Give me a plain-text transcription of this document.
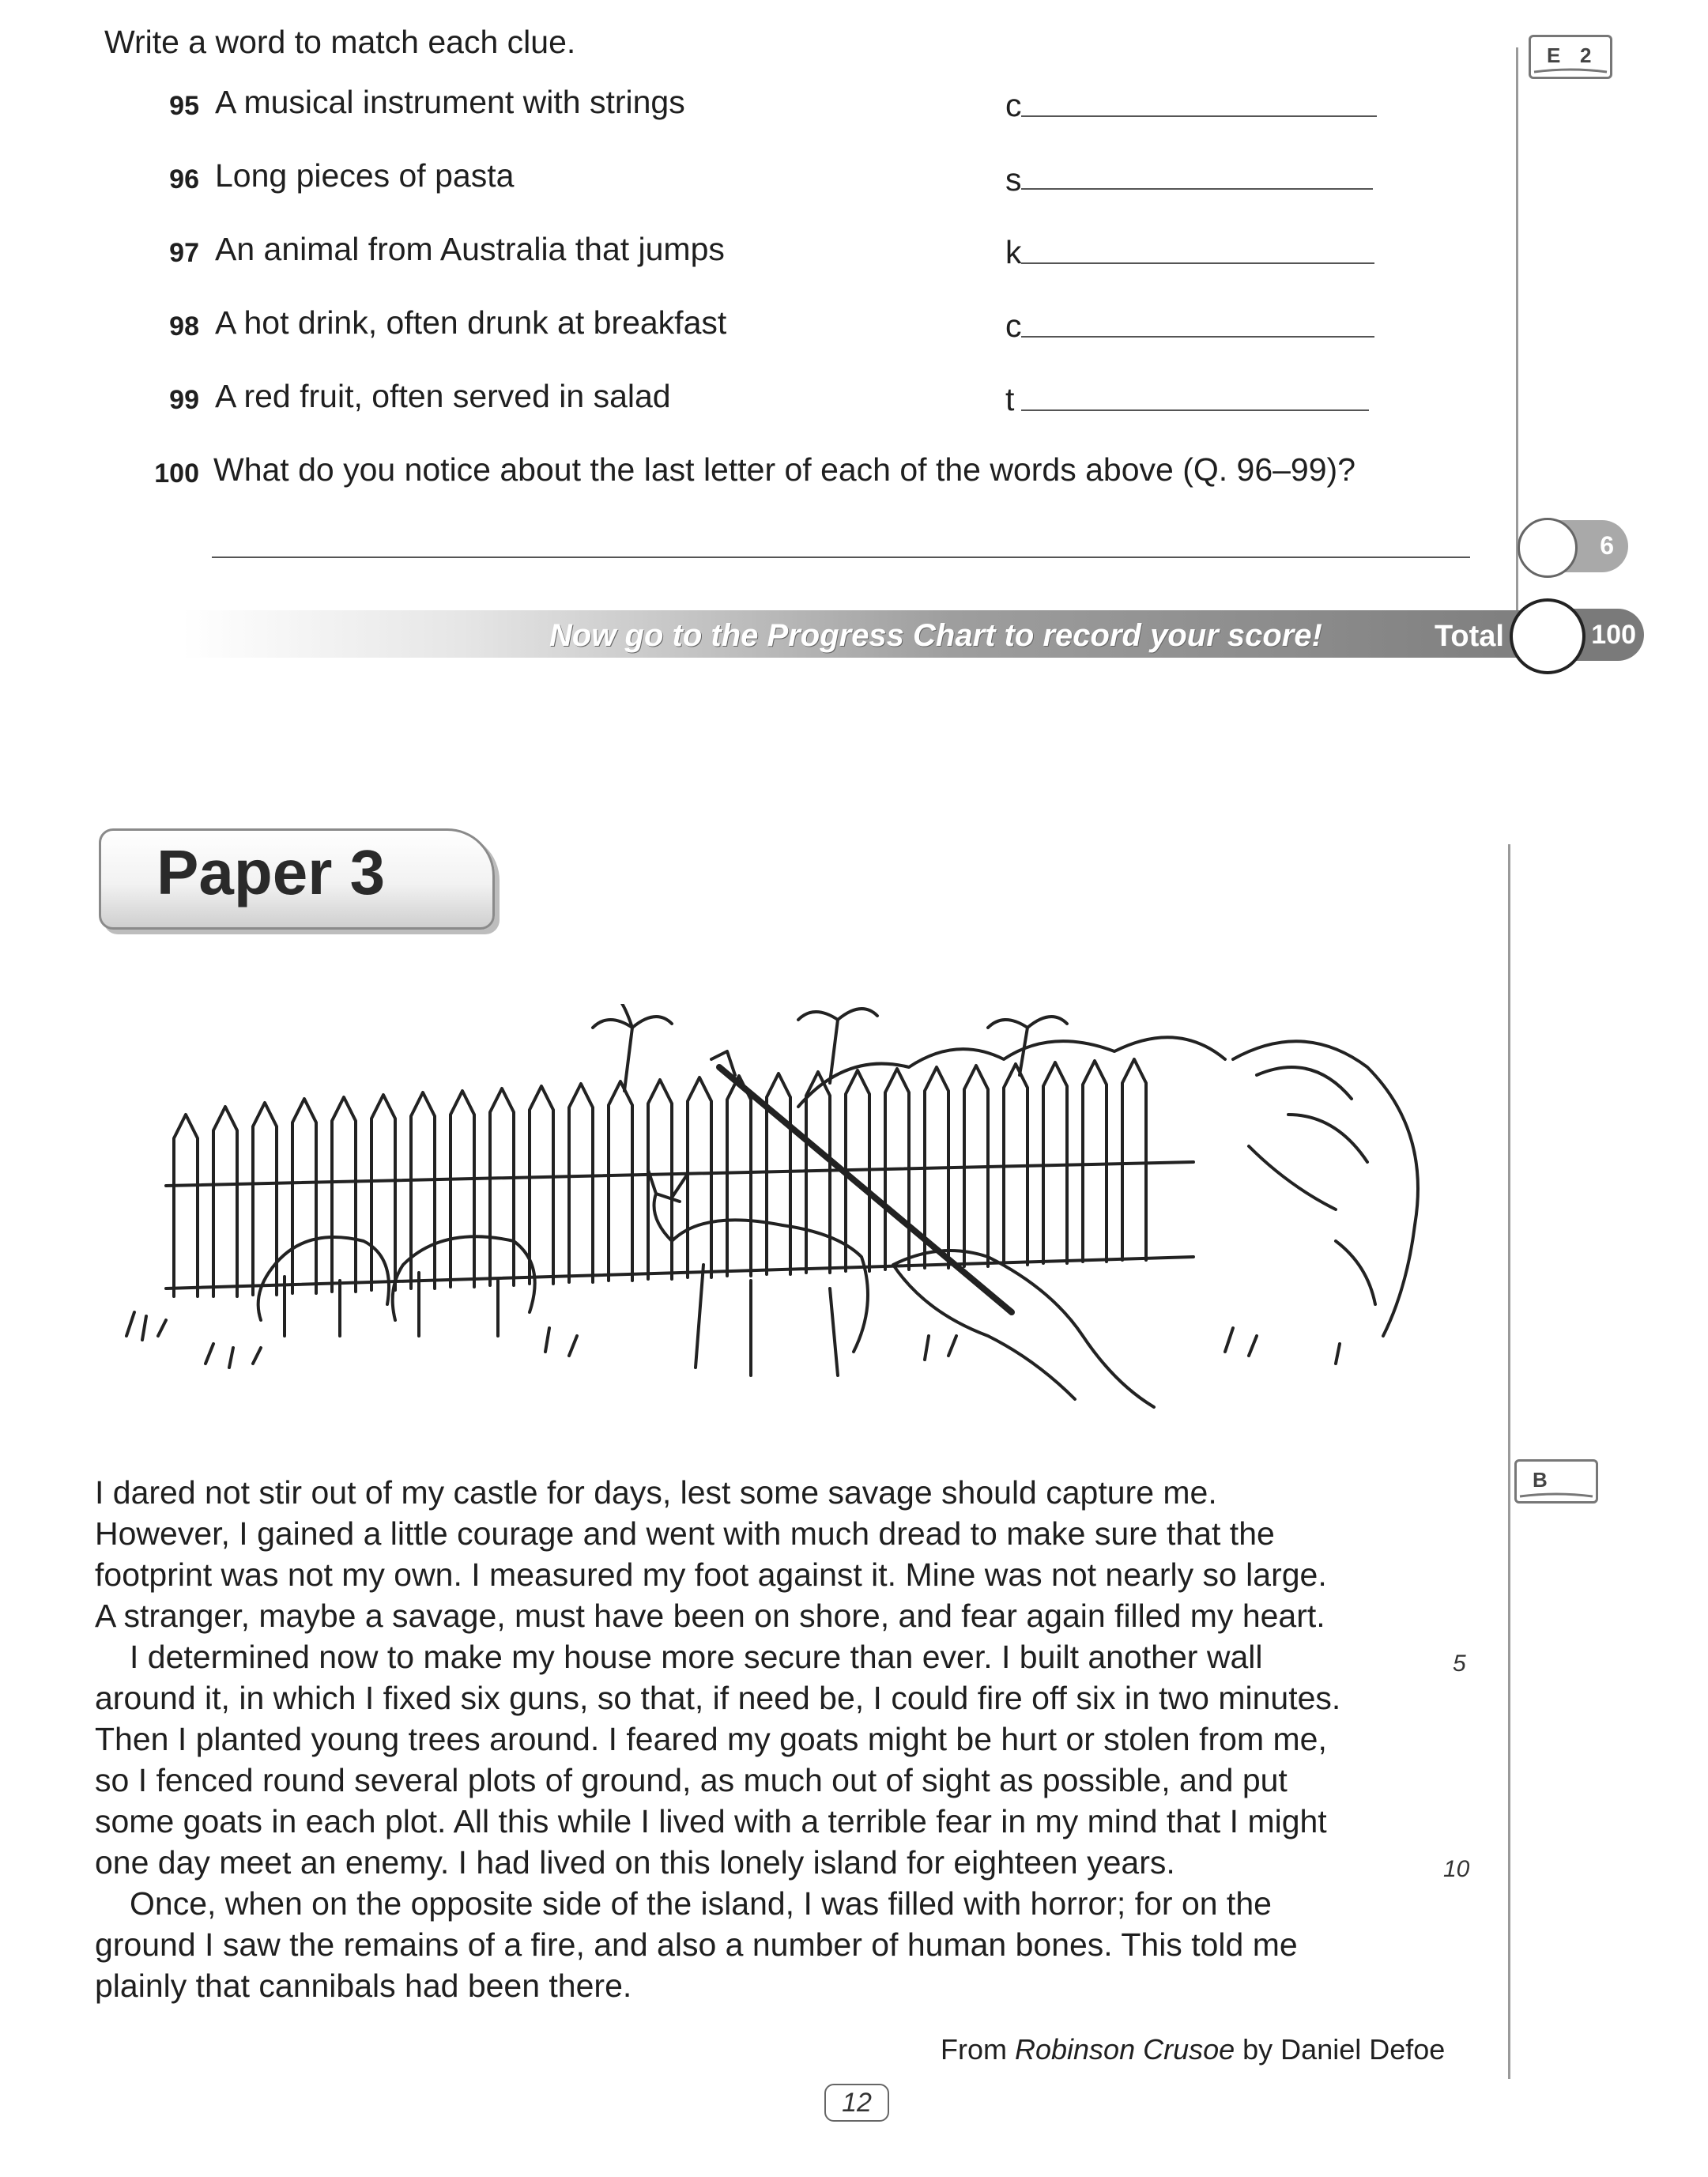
Write a word to match each clue.
95 A musical instrument with strings	c
96 Long pieces of pasta	s
97 An animal from Australia that jumps	k
98 A hot drink, often drunk at breakfast	c
99 A red fruit, often served in salad	t
100 What do you notice about the last letter of each of the words above (Q. 96–99)?
E 2
6
Now go to the Progress Chart to record your score!	Total	100
Paper 3

I dared not stir out of my castle for days, lest some savage should capture me.
However, I gained a little courage and went with much dread to make sure that the
footprint was not my own. I measured my foot against it. Mine was not nearly so large.
A stranger, maybe a savage, must have been on shore, and fear again filled my heart.

I determined now to make my house more secure than ever. I built another wall
around it, in which I fixed six guns, so that, if need be, I could fire off six in two minutes.
Then I planted young trees around. I feared my goats might be hurt or stolen from me,
so I fenced round several plots of ground, as much out of sight as possible, and put
some goats in each plot. All this while I lived with a terrible fear in my mind that I might
one day meet an enemy. I had lived on this lonely island for eighteen years.

Once, when on the opposite side of the island, I was filled with horror; for on the
ground I saw the remains of a fire, and also a number of human bones. This told me
plainly that cannibals had been there.

5
10
B
From Robinson Crusoe by Daniel Defoe
12
